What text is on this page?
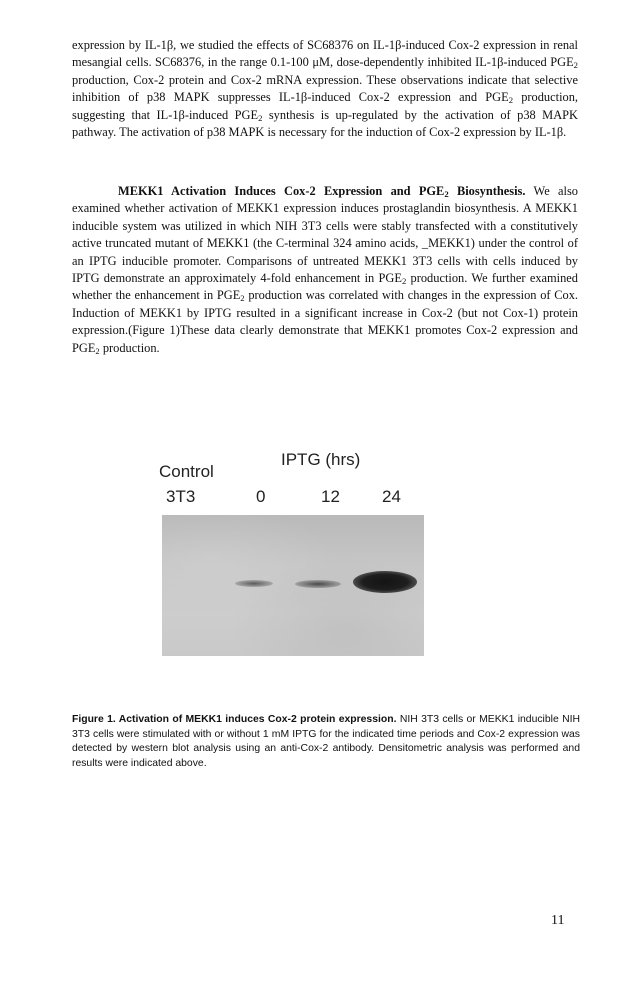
expression by IL-1β, we studied the effects of SC68376 on IL-1β-induced Cox-2 expression in renal mesangial cells. SC68376, in the range 0.1-100 μM, dose-dependently inhibited IL-1β-induced $PGE_2$ production, Cox-2 protein and Cox-2 mRNA expression. These observations indicate that selective inhibition of p38 MAPK suppresses IL-1β-induced Cox-2 expression and $PGE_2$ production, suggesting that IL-1β-induced $PGE_2$ synthesis is up-regulated by the activation of p38 MAPK pathway. The activation of p38 MAPK is necessary for the induction of Cox-2 expression by IL-1β.

MEKK1 Activation Induces Cox-2 Expression and $PGE_2$ Biosynthesis. We also examined whether activation of MEKK1 expression induces prostaglandin biosynthesis. A MEKK1 inducible system was utilized in which NIH 3T3 cells were stably transfected with a constitutively active truncated mutant of MEKK1 (the C-terminal 324 amino acids, _MEKK1) under the control of an IPTG inducible promoter. Comparisons of untreated MEKK1 3T3 cells with cells induced by IPTG demonstrate an approximately 4-fold enhancement in $PGE_2$ production. We further examined whether the enhancement in $PGE_2$ production was correlated with changes in the expression of Cox. Induction of MEKK1 by IPTG resulted in a significant increase in Cox-2 (but not Cox-1) protein expression.(Figure 1)These data clearly demonstrate that MEKK1 promotes Cox-2 expression and $PGE_2$ production.

IPTG (hrs)
Control
3T3	0	12 24

Figure 1. Activation of MEKK1 induces Cox-2 protein expression. NIH 3T3 cells or MEKK1 inducible NIH 3T3 cells were stimulated with or without 1 mM IPTG for the indicated time periods and Cox-2 expression was detected by western blot analysis using an anti-Cox-2 antibody. Densitometric analysis was performed and results were indicated above.

11
